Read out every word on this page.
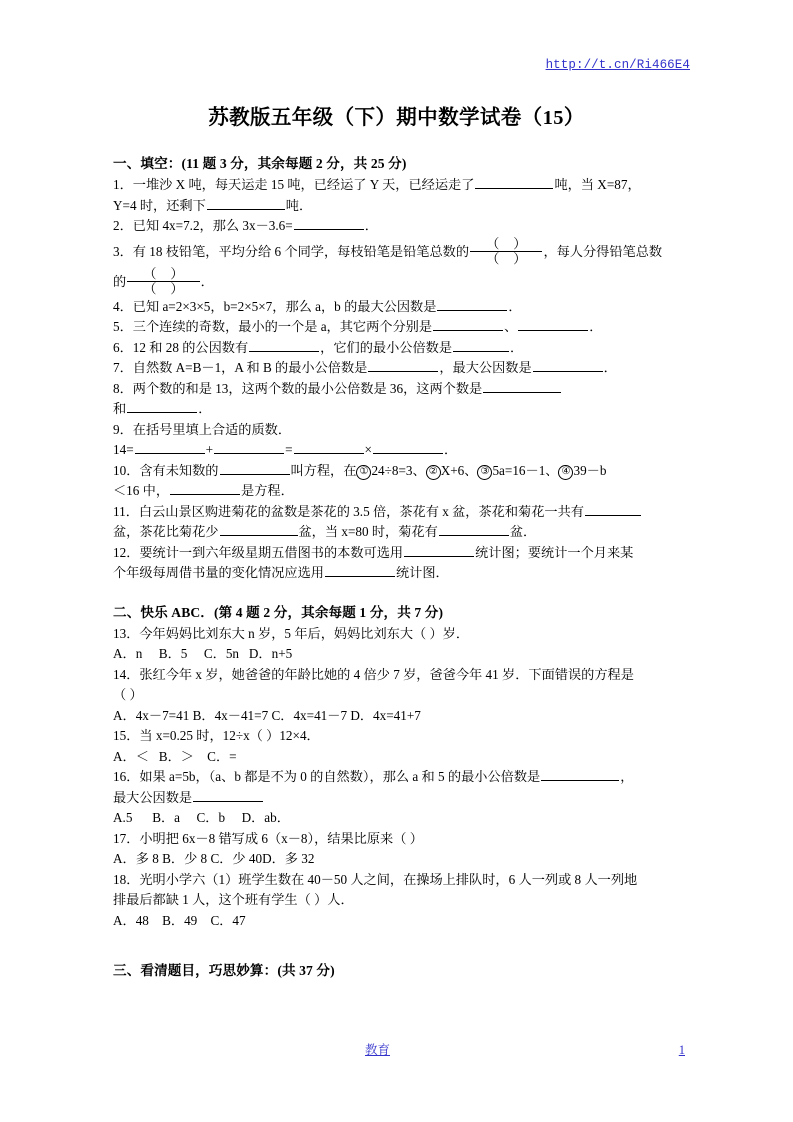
http://t.cn/Ri466E4
苏教版五年级（下）期中数学试卷（15）
一、填空：(11 题 3 分，其余每题 2 分，共 25 分)

1．一堆沙 X 吨，每天运走 15 吨，已经运了 Y 天，已经运走了	吨，当 X=87，

Y=4 时，还剩下	吨．

2．已知 4x=7.2，那么 3x－3.6=	．

3．有 18 枝铅笔，平均分给 6 个同学，每枝铅笔是铅笔总数的 $\frac{()}{()}$ ，每人分得铅笔总数

的 $\frac{()}{()}$ ．

4．已知 a=2×3×5，b=2×5×7，那么 a，b 的最大公因数是	．

5．三个连续的奇数，最小的一个是 a，其它两个分别是	、	．

6．12 和 28 的公因数有	，它们的最小公倍数是	．

7．自然数 A=B－1，A 和 B 的最小公倍数是	，最大公因数是	．

8．两个数的和是 13，这两个数的最小公倍数是 36，这两个数是

和	．

9．在括号里填上合适的质数．

14=	+	=	×	．

10．含有未知数的	叫方程，在 ① 24÷8=3、 ② X+6、 ③ 5a=16－1、 ④ 39－b

＜16 中，	是方程．

11．白云山景区购进菊花的盆数是茶花的 3.5 倍，茶花有 x 盆，茶花和菊花一共有

盆，茶花比菊花少	盆，当 x=80 时，菊花有	盆．

12．要统计一到六年级星期五借图书的本数可选用	统计图；要统计一个月来某

个年级每周借书量的变化情况应选用	统计图．

二、快乐 ABC．(第 4 题 2 分，其余每题 1 分，共 7 分)

13．今年妈妈比刘东大 n 岁，5 年后，妈妈比刘东大（ ）岁．

A．n     B．5     C．5n   D．n+5

14．张红今年 x 岁，她爸爸的年龄比她的 4 倍少 7 岁，爸爸今年 41 岁．下面错误的方程是

（ ）

A．4x－7=41 B．4x－41=7 C．4x=41－7 D．4x=41+7

15．当 x=0.25 时，12÷x（ ）12×4．

A．＜   B．＞    C．=

16．如果 a=5b，（a、b 都是不为 0 的自然数），那么 a 和 5 的最小公倍数是	，

最大公因数是

A.5      B．a     C．b     D．ab．

17．小明把 6x－8 错写成 6（x－8），结果比原来（ ）

A．多 8 B．少 8 C．少 40D．多 32

18．光明小学六（1）班学生数在 40－50 人之间，在操场上排队时，6 人一列或 8 人一列地

排最后都缺 1 人，这个班有学生（ ）人．

A．48    B．49    C．47

三、看清题目，巧思妙算：(共 37 分)
教育	1
